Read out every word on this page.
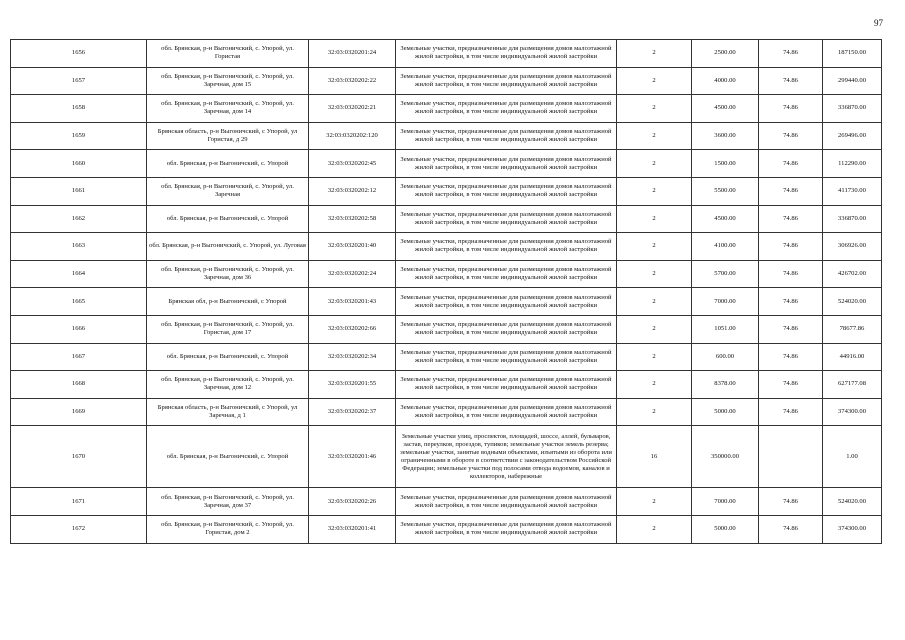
97
1656	обл. Брянская, р-н Выгоничский, с. Упорой, ул. Гористая	32:03:0320201:24	Земельные участки, предназначенные для размещения домов малоэтажной жилой застройки, в том числе индивидуальной жилой застройки	2	2500.00	74.86	187150.00
1657	обл. Брянская, р-н Выгоничский, с. Упорой, ул. Заречная, дом 15	32:03:0320202:22	Земельные участки, предназначенные для размещения домов малоэтажной жилой застройки, в том числе индивидуальной жилой застройки	2	4000.00	74.86	299440.00
1658	обл. Брянская, р-н Выгоничский, с. Упорой, ул. Заречная, дом 14	32:03:0320202:21	Земельные участки, предназначенные для размещения домов малоэтажной жилой застройки, в том числе индивидуальной жилой застройки	2	4500.00	74.86	336870.00
1659	Брянская область, р-н Выгоничский, с Упорой, ул Гористая, д 29	32:03:0320202:120	Земельные участки, предназначенные для размещения домов малоэтажной жилой застройки, в том числе индивидуальной жилой застройки	2	3600.00	74.86	269496.00
1660	обл. Брянская, р-н Выгоничский, с. Упорой	32:03:0320202:45	Земельные участки, предназначенные для размещения домов малоэтажной жилой застройки, в том числе индивидуальной жилой застройки	2	1500.00	74.86	112290.00
1661	обл. Брянская, р-н Выгоничский, с. Упорой, ул. Заречная	32:03:0320202:12	Земельные участки, предназначенные для размещения домов малоэтажной жилой застройки, в том числе индивидуальной жилой застройки	2	5500.00	74.86	411730.00
1662	обл. Брянская, р-н Выгоничский, с. Упорой	32:03:0320202:58	Земельные участки, предназначенные для размещения домов малоэтажной жилой застройки, в том числе индивидуальной жилой застройки	2	4500.00	74.86	336870.00
1663	обл. Брянская, р-н Выгоничский, с. Упорой, ул. Луговая	32:03:0320201:40	Земельные участки, предназначенные для размещения домов малоэтажной жилой застройки, в том числе индивидуальной жилой застройки	2	4100.00	74.86	306926.00
1664	обл. Брянская, р-н Выгоничский, с. Упорой, ул. Заречная, дом 36	32:03:0320202:24	Земельные участки, предназначенные для размещения домов малоэтажной жилой застройки, в том числе индивидуальной жилой застройки	2	5700.00	74.86	426702.00
1665	Брянская обл, р-н Выгоничский, с Упорой	32:03:0320201:43	Земельные участки, предназначенные для размещения домов малоэтажной жилой застройки, в том числе индивидуальной жилой застройки	2	7000.00	74.86	524020.00
1666	обл. Брянская, р-н Выгоничский, с. Упорой, ул. Гористая, дом 17	32:03:0320202:66	Земельные участки, предназначенные для размещения домов малоэтажной жилой застройки, в том числе индивидуальной жилой застройки	2	1051.00	74.86	78677.86
1667	обл. Брянская, р-н Выгоничский, с. Упорой	32:03:0320202:34	Земельные участки, предназначенные для размещения домов малоэтажной жилой застройки, в том числе индивидуальной жилой застройки	2	600.00	74.86	44916.00
1668	обл. Брянская, р-н Выгоничский, с. Упорой, ул. Заречная, дом 12	32:03:0320201:55	Земельные участки, предназначенные для размещения домов малоэтажной жилой застройки, в том числе индивидуальной жилой застройки	2	8378.00	74.86	627177.08
1669	Брянская область, р-н Выгоничский, с Упорой, ул Заречная, д 1	32:03:0320202:37	Земельные участки, предназначенные для размещения домов малоэтажной жилой застройки, в том числе индивидуальной жилой застройки	2	5000.00	74.86	374300.00
1670	обл. Брянская, р-н Выгоничский, с. Упорой	32:03:0320201:46	Земельные участки улиц, проспектов, площадей, шоссе, аллей, бульваров, застав, переулков, проездов, тупиков; земельные участки земель резерва; земельные участки, занятые водными объектами, изъятыми из оборота или ограниченными в обороте в соответствии с законодательством Российской Федерации; земельные участки под полосами отвода водоемов, каналов и коллекторов, набережные	16	350000.00		1.00
1671	обл. Брянская, р-н Выгоничский, с. Упорой, ул. Заречная, дом 37	32:03:0320202:26	Земельные участки, предназначенные для размещения домов малоэтажной жилой застройки, в том числе индивидуальной жилой застройки	2	7000.00	74.86	524020.00
1672	обл. Брянская, р-н Выгоничский, с. Упорой, ул. Гористая, дом 2	32:03:0320201:41	Земельные участки, предназначенные для размещения домов малоэтажной жилой застройки, в том числе индивидуальной жилой застройки	2	5000.00	74.86	374300.00
